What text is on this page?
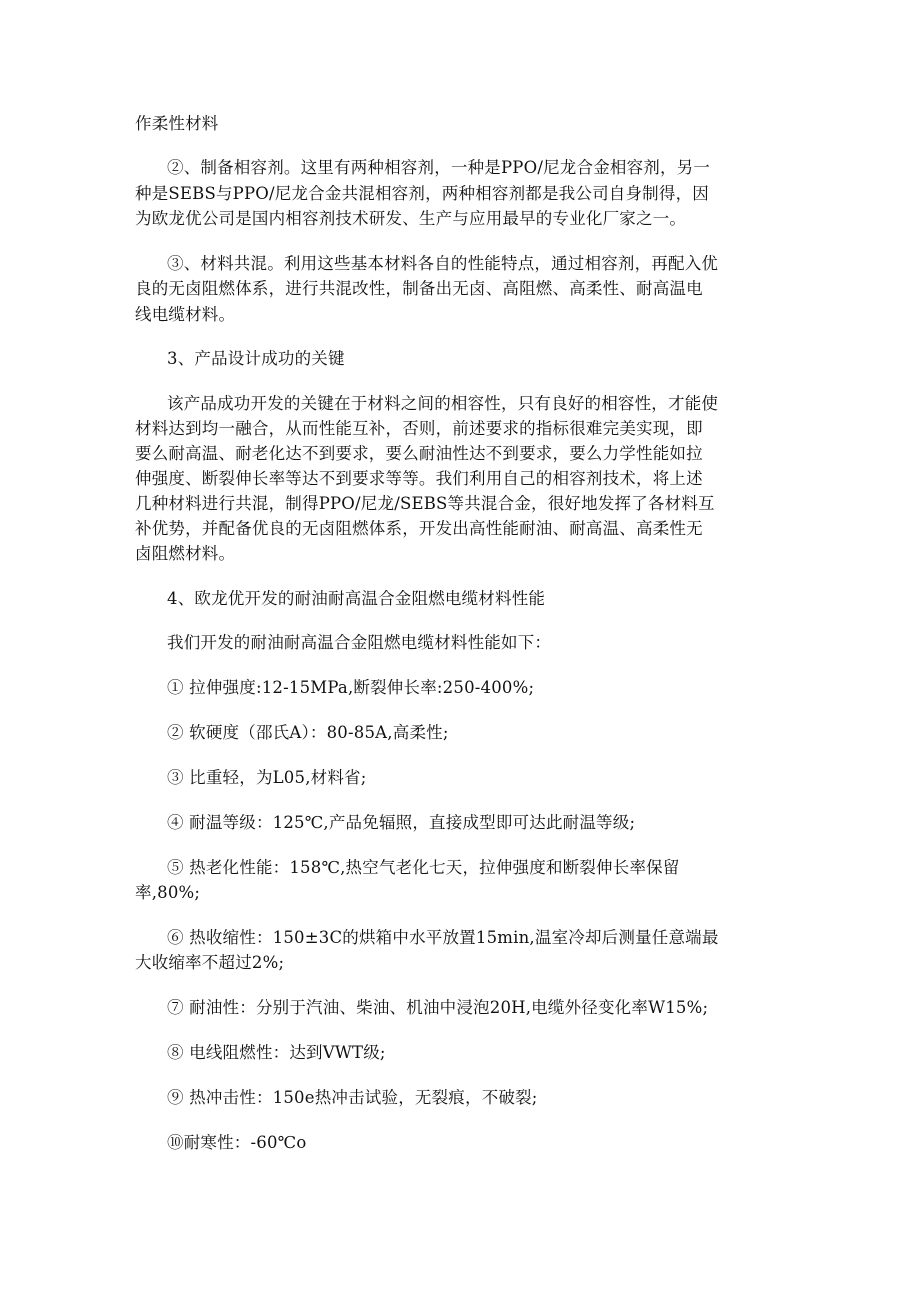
作柔性材料
②、制备相容剂。这里有两种相容剂，一种是PPO/尼龙合金相容剂，另一
种是SEBS与PPO/尼龙合金共混相容剂，两种相容剂都是我公司自身制得，因
为欧龙优公司是国内相容剂技术研发、生产与应用最早的专业化厂家之一。
③、材料共混。利用这些基本材料各自的性能特点，通过相容剂，再配入优
良的无卤阻燃体系，进行共混改性，制备出无卤、高阻燃、高柔性、耐高温电
线电缆材料。
3、产品设计成功的关键
该产品成功开发的关键在于材料之间的相容性，只有良好的相容性，才能使
材料达到均一融合，从而性能互补，否则，前述要求的指标很难完美实现，即
要么耐高温、耐老化达不到要求，要么耐油性达不到要求，要么力学性能如拉
伸强度、断裂伸长率等达不到要求等等。我们利用自己的相容剂技术，将上述
几种材料进行共混，制得PPO/尼龙/SEBS等共混合金，很好地发挥了各材料互
补优势，并配备优良的无卤阻燃体系，开发出高性能耐油、耐高温、高柔性无
卤阻燃材料。
4、欧龙优开发的耐油耐高温合金阻燃电缆材料性能
我们开发的耐油耐高温合金阻燃电缆材料性能如下：
① 拉伸强度:12-15MPa,断裂伸长率:250-400%;
② 软硬度（邵氏A）：80-85A,高柔性;
③ 比重轻，为L05,材料省;
④ 耐温等级：125℃,产品免辐照，直接成型即可达此耐温等级;
⑤ 热老化性能：158℃,热空气老化七天，拉伸强度和断裂伸长率保留
率,80%;
⑥ 热收缩性：150±3C的烘箱中水平放置15min,温室冷却后测量任意端最
大收缩率不超过2%;
⑦ 耐油性：分别于汽油、柴油、机油中浸泡20H,电缆外径变化率W15%;
⑧ 电线阻燃性：达到VWT级;
⑨ 热冲击性：150e热冲击试验，无裂痕，不破裂;
⑩耐寒性：-60℃o
